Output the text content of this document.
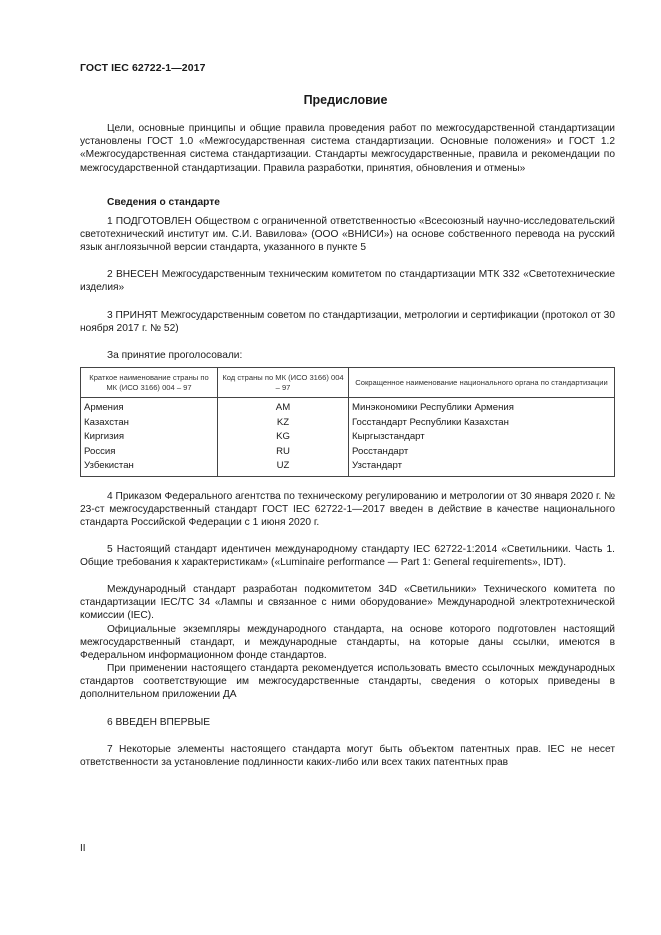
ГОСТ IEC 62722-1—2017
Предисловие

Цели, основные принципы и общие правила проведения работ по межгосударственной стандартизации установлены ГОСТ 1.0 «Межгосударственная система стандартизации. Основные положения» и ГОСТ 1.2 «Межгосударственная система стандартизации. Стандарты межгосударственные, правила и рекомендации по межгосударственной стандартизации. Правила разработки, принятия, обновления и отмены»

Сведения о стандарте

1 ПОДГОТОВЛЕН Обществом с ограниченной ответственностью «Всесоюзный научно-исследовательский светотехнический институт им. С.И. Вавилова» (ООО «ВНИСИ») на основе собственного перевода на русский язык англоязычной версии стандарта, указанного в пункте 5

2 ВНЕСЕН Межгосударственным техническим комитетом по стандартизации МТК 332 «Светотехнические изделия»

3 ПРИНЯТ Межгосударственным советом по стандартизации, метрологии и сертификации (протокол от 30 ноября 2017 г. № 52)

За принятие проголосовали:

Краткое наименование страны по МК (ИСО 3166) 004 – 97	Код страны по МК (ИСО 3166) 004 – 97	Сокращенное наименование национального органа по стандартизации
Армения	AM	Минэкономики Республики Армения
Казахстан	KZ	Госстандарт Республики Казахстан
Киргизия	KG	Кыргызстандарт
Россия	RU	Росстандарт
Узбекистан	UZ	Узстандарт

4 Приказом Федерального агентства по техническому регулированию и метрологии от 30 января 2020 г. № 23-ст межгосударственный стандарт ГОСТ IEC 62722-1—2017 введен в действие в качестве национального стандарта Российской Федерации с 1 июня 2020 г.

5 Настоящий стандарт идентичен международному стандарту IEC 62722-1:2014 «Светильники. Часть 1. Общие требования к характеристикам» («Luminaire performance — Part 1: General requirements», IDT).

Международный стандарт разработан подкомитетом 34D «Светильники» Технического комитета по стандартизации IEC/TC 34 «Лампы и связанное с ними оборудование» Международной электротехнической комиссии (IEC).

Официальные экземпляры международного стандарта, на основе которого подготовлен настоящий межгосударственный стандарт, и международные стандарты, на которые даны ссылки, имеются в Федеральном информационном фонде стандартов.

При применении настоящего стандарта рекомендуется использовать вместо ссылочных международных стандартов соответствующие им межгосударственные стандарты, сведения о которых приведены в дополнительном приложении ДА

6 ВВЕДЕН ВПЕРВЫЕ

7 Некоторые элементы настоящего стандарта могут быть объектом патентных прав. IEC не несет ответственности за установление подлинности каких-либо или всех таких патентных прав

II
